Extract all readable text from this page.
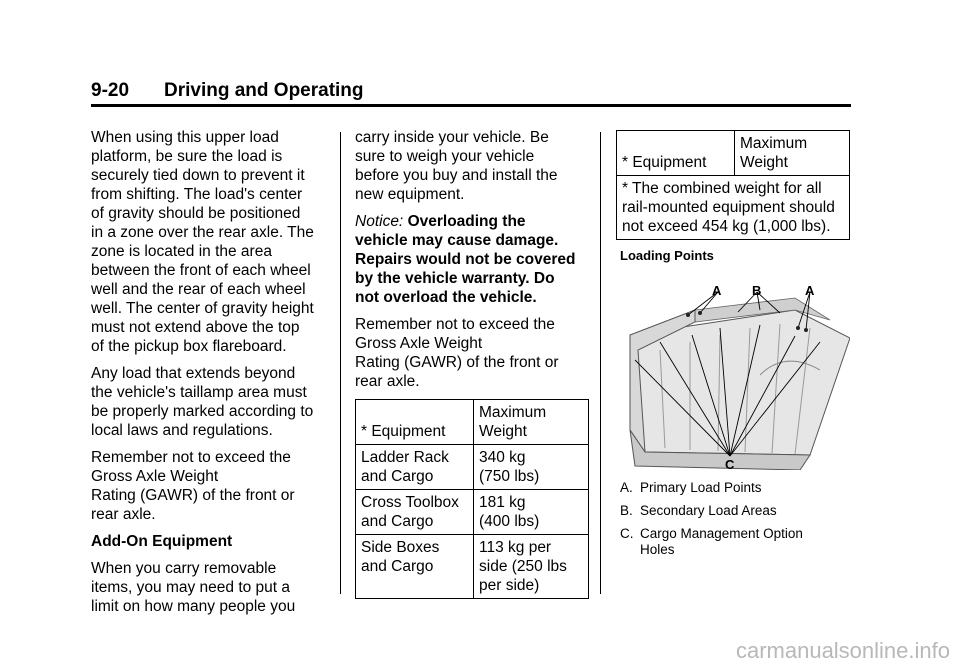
9-20 Driving and Operating

When using this upper load
platform, be sure the load is
securely tied down to prevent it
from shifting. The load's center
of gravity should be positioned
in a zone over the rear axle. The
zone is located in the area
between the front of each wheel
well and the rear of each wheel
well. The center of gravity height
must not extend above the top
of the pickup box flareboard.

Any load that extends beyond
the vehicle's taillamp area must
be properly marked according to
local laws and regulations.

Remember not to exceed the
Gross Axle Weight
Rating (GAWR) of the front or
rear axle.

Add-On Equipment

When you carry removable
items, you may need to put a
limit on how many people you

carry inside your vehicle. Be
sure to weigh your vehicle
before you buy and install the
new equipment.

Notice: Overloading the
vehicle may cause damage.
Repairs would not be covered
by the vehicle warranty. Do
not overload the vehicle.

Remember not to exceed the
Gross Axle Weight
Rating (GAWR) of the front or
rear axle.

* Equipment	Maximum
Weight
Ladder Rack
and Cargo	340 kg
(750 lbs)
Cross Toolbox
and Cargo	181 kg
(400 lbs)
Side Boxes
and Cargo	113 kg per
side (250 lbs
per side)
* Equipment	Maximum
Weight
* The combined weight for all
rail-mounted equipment should
not exceed 454 kg (1,000 lbs).
Loading Points
A B	A
C
A. Primary Load Points
B. Secondary Load Areas
C. Cargo Management Option
Holes
carmanualsonline.info
